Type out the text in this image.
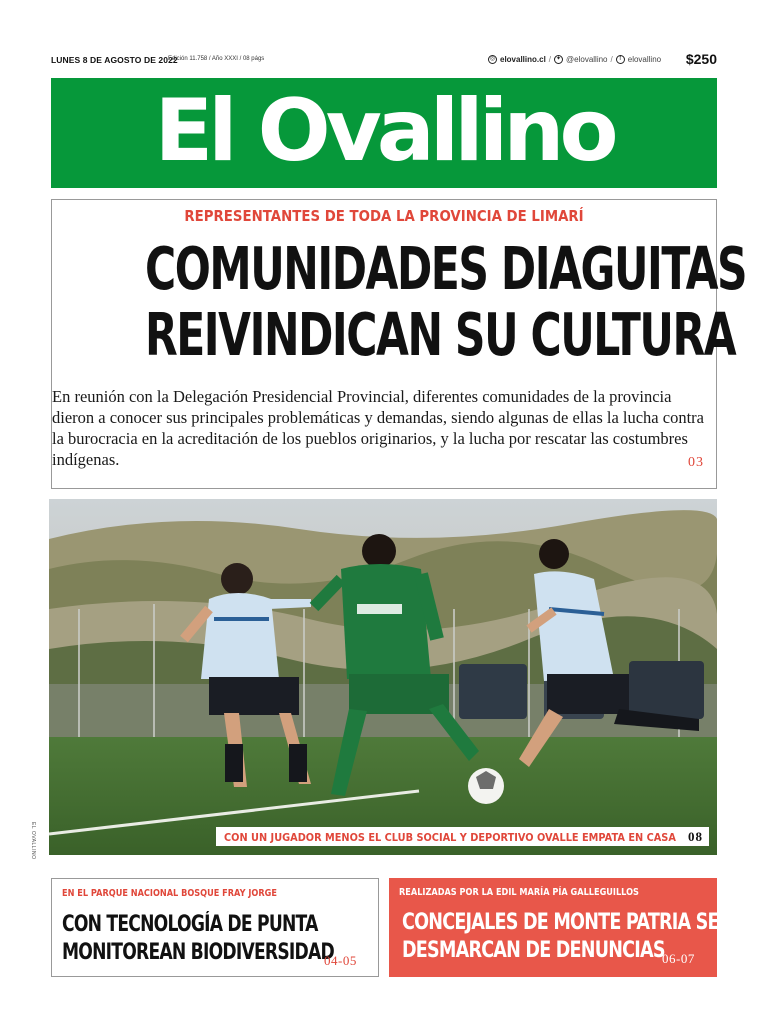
LUNES 8 DE AGOSTO DE 2022
Edición 11.758 / Año XXXI / 08 págs	◎ elovallino.cl / ✦ @elovallino /	f elovallino $250
El Ovallino
REPRESENTANTES DE TODA LA PROVINCIA DE LIMARÍ
COMUNIDADES DIAGUITAS
REIVINDICAN SU CULTURA
En reunión con la Delegación Presidencial Provincial, diferentes comunidades de la provincia dieron a conocer sus principales problemáticas y demandas, siendo algunas de ellas la lucha contra la burocracia en la acreditación de los pueblos originarios, y la lucha por rescatar las costumbres indígenas.	03
CON UN JUGADOR MENOS EL CLUB SOCIAL Y DEPORTIVO OVALLE EMPATA EN CASA 08
EL OVALLINO
EN EL PARQUE NACIONAL BOSQUE FRAY JORGE
CON TECNOLOGÍA DE PUNTA
MONITOREAN BIODIVERSIDAD
04-05
REALIZADAS POR LA EDIL MARÍA PÍA GALLEGUILLOS
CONCEJALES DE MONTE PATRIA SE
DESMARCAN DE DENUNCIAS
06-07
